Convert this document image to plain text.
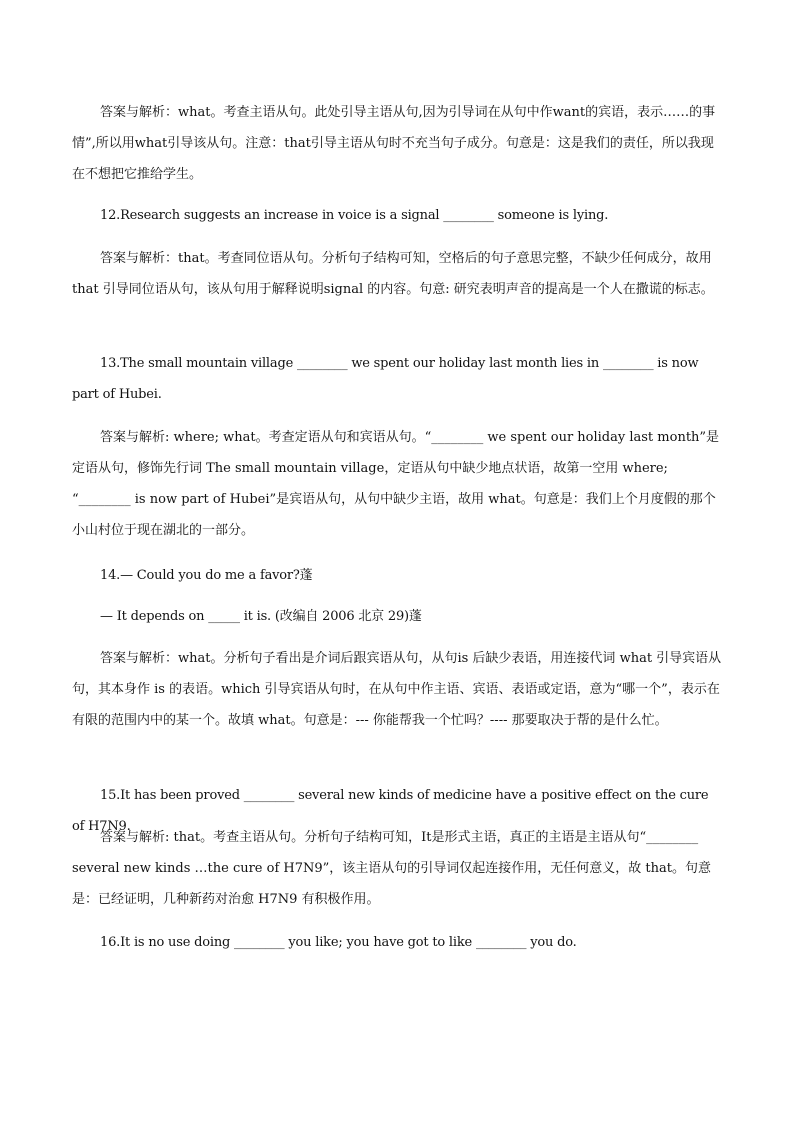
答案与解析：what。考查主语从句。此处引导主语从句,因为引导词在从句中作want的宾语，表示……的事情”,所以用what引导该从句。注意：that引导主语从句时不充当句子成分。句意是：这是我们的责任，所以我现在不想把它推给学生。

12.Research suggests an increase in voice is a signal ________ someone is lying.

答案与解析：that。考查同位语从句。分析句子结构可知，空格后的句子意思完整，不缺少任何成分，故用that 引导同位语从句，该从句用于解释说明signal 的内容。句意: 研究表明声音的提高是一个人在撒谎的标志。

13.The small mountain village ________ we spent our holiday last month lies in ________ is now part of Hubei.

答案与解析: where; what。考查定语从句和宾语从句。“________ we spent our holiday last month”是定语从句，修饰先行词 The small mountain village，定语从句中缺少地点状语，故第一空用 where; “________ is now part of Hubei”是宾语从句，从句中缺少主语，故用 what。句意是：我们上个月度假的那个小山村位于现在湖北的一部分。

14.— Could you do me a favor?蓬

— It depends on _____ it is. (改编自 2006 北京 29)蓬

答案与解析：what。分析句子看出是介词后跟宾语从句，从句is 后缺少表语，用连接代词 what 引导宾语从句，其本身作 is 的表语。which 引导宾语从句时，在从句中作主语、宾语、表语或定语，意为“哪一个”，表示在有限的范围内中的某一个。故填 what。句意是：--- 你能帮我一个忙吗？---- 那要取决于帮的是什么忙。

15.It has been proved ________ several new kinds of medicine have a positive effect on the cure of H7N9.

答案与解析: that。考查主语从句。分析句子结构可知，It是形式主语，真正的主语是主语从句“________ several new kinds …the cure of H7N9”，该主语从句的引导词仅起连接作用，无任何意义，故 that。句意是：已经证明，几种新药对治愈 H7N9 有积极作用。

16.It is no use doing ________ you like; you have got to like ________ you do.
